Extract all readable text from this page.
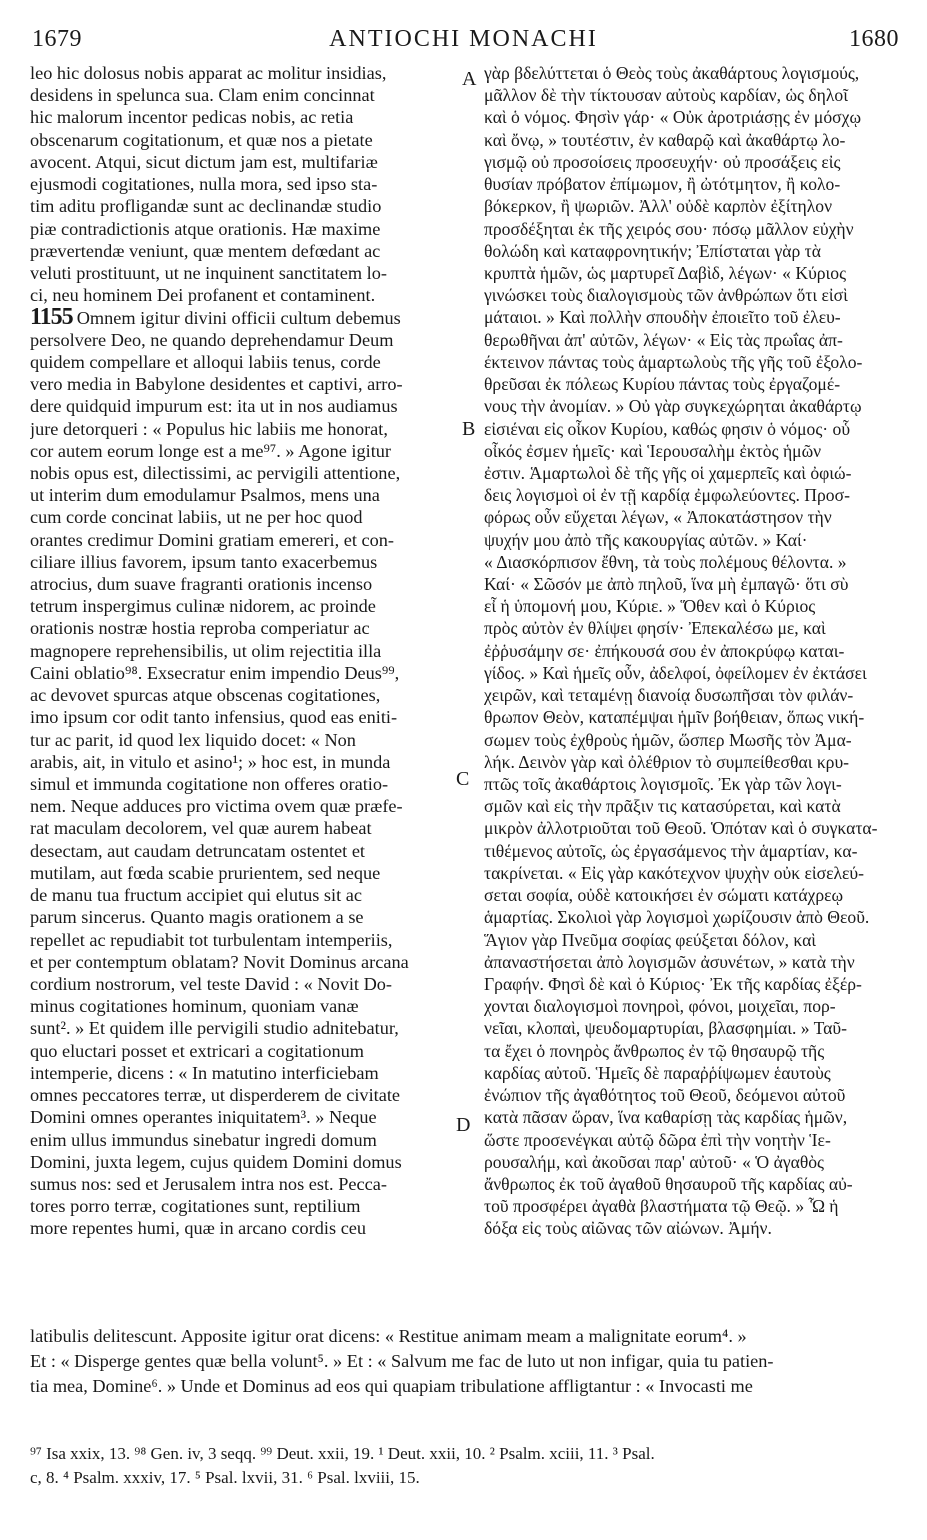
ANTIOCHI MONACHI
1679	1680
leo hic dolosus nobis apparat ac molitur insidias,
desidens in spelunca sua. Clam enim concinnat
hic malorum incentor pedicas nobis, ac retia
obscenarum cogitationum, et quæ nos a pietate
avocent. Atqui, sicut dictum jam est, multifariæ
ejusmodi cogitationes, nulla mora, sed ipso sta-
tim aditu profligandæ sunt ac declinandæ studio
piæ contradictionis atque orationis. Hæ maxime
prævertendæ veniunt, quæ mentem defœdant ac
veluti prostituunt, ut ne inquinent sanctitatem lo-
ci, neu hominem Dei profanent et contaminent.
1155 Omnem igitur divini officii cultum debemus
persolvere Deo, ne quando deprehendamur Deum
quidem compellare et alloqui labiis tenus, corde
vero media in Babylone desidentes et captivi, arro-
dere quidquid impurum est: ita ut in nos audiamus
jure detorqueri : « Populus hic labiis me honorat,
cor autem eorum longe est a me⁹⁷. » Agone igitur
nobis opus est, dilectissimi, ac pervigili attentione,
ut interim dum emodulamur Psalmos, mens una
cum corde concinat labiis, ut ne per hoc quod
orantes credimur Domini gratiam emereri, et con-
ciliare illius favorem, ipsum tanto exacerbemus
atrocius, dum suave fragranti orationis incenso
tetrum inspergimus culinæ nidorem, ac proinde
orationis nostræ hostia reproba comperiatur ac
magnopere reprehensibilis, ut olim rejectitia illa
Caini oblatio⁹⁸. Exsecratur enim impendio Deus⁹⁹,
ac devovet spurcas atque obscenas cogitationes,
imo ipsum cor odit tanto infensius, quod eas eniti-
tur ac parit, id quod lex liquido docet: « Non
arabis, ait, in vitulo et asino¹; » hoc est, in munda
simul et immunda cogitatione non offeres oratio-
nem. Neque adduces pro victima ovem quæ præfe-
rat maculam decolorem, vel quæ aurem habeat
desectam, aut caudam detruncatam ostentet et
mutilam, aut fœda scabie prurientem, sed neque
de manu tua fructum accipiet qui elutus sit ac
parum sincerus. Quanto magis orationem a se
repellet ac repudiabit tot turbulentam intemperiis,
et per contemptum oblatam? Novit Dominus arcana
cordium nostrorum, vel teste David : « Novit Do-
minus cogitationes hominum, quoniam vanæ
sunt². » Et quidem ille pervigili studio adnitebatur,
quo eluctari posset et extricari a cogitationum
intemperie, dicens : « In matutino interficiebam
omnes peccatores terræ, ut disperderem de civitate
Domini omnes operantes iniquitatem³. » Neque
enim ullus immundus sinebatur ingredi domum
Domini, juxta legem, cujus quidem Domini domus
sumus nos: sed et Jerusalem intra nos est. Pecca-
tores porro terræ, cogitationes sunt, reptilium
more repentes humi, quæ in arcano cordis ceu
γὰρ βδελύττεται ὁ Θεὸς τοὺς ἀκαθάρτους λογισμούς,
μᾶλλον δὲ τὴν τίκτουσαν αὐτοὺς καρδίαν, ὡς δηλοῖ
καὶ ὁ νόμος. Φησὶν γάρ· « Οὐκ ἀροτριάσῃς ἐν μόσχῳ
καὶ ὄνῳ, » τουτέστιν, ἐν καθαρῷ καὶ ἀκαθάρτῳ λο-
γισμῷ οὐ προσοίσεις προσευχήν· οὐ προσάξεις εἰς
θυσίαν πρόβατον ἐπίμωμον, ἢ ὠτότμητον, ἢ κολο-
βόκερκον, ἢ ψωριῶν. Ἀλλ' οὐδὲ καρπὸν ἐξίτηλον
προσδέξηται ἐκ τῆς χειρός σου· πόσῳ μᾶλλον εὐχὴν
θολώδη καὶ καταφρονητικήν; Ἐπίσταται γὰρ τὰ
κρυπτὰ ἡμῶν, ὡς μαρτυρεῖ Δαβὶδ, λέγων· « Κύριος
γινώσκει τοὺς διαλογισμοὺς τῶν ἀνθρώπων ὅτι εἰσὶ
μάταιοι. » Καὶ πολλὴν σπουδὴν ἐποιεῖτο τοῦ ἐλευ-
θερωθῆναι ἀπ' αὐτῶν, λέγων· « Εἰς τὰς πρωΐας ἀπ-
έκτεινον πάντας τοὺς ἁμαρτωλοὺς τῆς γῆς τοῦ ἐξολο-
θρεῦσαι ἐκ πόλεως Κυρίου πάντας τοὺς ἐργαζομέ-
νους τὴν ἀνομίαν. » Οὐ γὰρ συγκεχώρηται ἀκαθάρτῳ
εἰσιέναι εἰς οἶκον Κυρίου, καθώς φησιν ὁ νόμος· οὗ
οἶκός ἐσμεν ἡμεῖς· καὶ Ἱερουσαλὴμ ἐκτὸς ἡμῶν
ἐστιν. Ἁμαρτωλοὶ δὲ τῆς γῆς οἱ χαμερπεῖς καὶ ὀφιώ-
δεις λογισμοὶ οἱ ἐν τῇ καρδίᾳ ἐμφωλεύοντες. Προσ-
φόρως οὖν εὔχεται λέγων, « Ἀποκατάστησον τὴν
ψυχήν μου ἀπὸ τῆς κακουργίας αὐτῶν. » Καί·
« Διασκόρπισον ἔθνη, τὰ τοὺς πολέμους θέλοντα. »
Καί· « Σῶσόν με ἀπὸ πηλοῦ, ἵνα μὴ ἐμπαγῶ· ὅτι σὺ
εἶ ἡ ὑπομονή μου, Κύριε. » Ὅθεν καὶ ὁ Κύριος
πρὸς αὐτὸν ἐν θλίψει φησίν· Ἐπεκαλέσω με, καὶ
ἐῤῥυσάμην σε· ἐπήκουσά σου ἐν ἀποκρύφῳ καται-
γίδος. » Καὶ ἡμεῖς οὖν, ἀδελφοί, ὀφείλομεν ἐν ἐκτάσει
χειρῶν, καὶ τεταμένῃ διανοίᾳ δυσωπῆσαι τὸν φιλάν-
θρωπον Θεὸν, καταπέμψαι ἡμῖν βοήθειαν, ὅπως νική-
σωμεν τοὺς ἐχθροὺς ἡμῶν, ὥσπερ Μωσῆς τὸν Ἀμα-
λήκ. Δεινὸν γὰρ καὶ ὀλέθριον τὸ συμπείθεσθαι κρυ-
πτῶς τοῖς ἀκαθάρτοις λογισμοῖς. Ἐκ γὰρ τῶν λογι-
σμῶν καὶ εἰς τὴν πρᾶξιν τις κατασύρεται, καὶ κατὰ
μικρὸν ἀλλοτριοῦται τοῦ Θεοῦ. Ὁπόταν καὶ ὁ συγκατα-
τιθέμενος αὐτοῖς, ὡς ἐργασάμενος τὴν ἁμαρτίαν, κα-
τακρίνεται. « Εἰς γὰρ κακότεχνον ψυχὴν οὐκ εἰσελεύ-
σεται σοφία, οὐδὲ κατοικήσει ἐν σώματι κατάχρεῳ
ἁμαρτίας. Σκολιοὶ γὰρ λογισμοὶ χωρίζουσιν ἀπὸ Θεοῦ.
Ἅγιον γὰρ Πνεῦμα σοφίας φεύξεται δόλον, καὶ
ἀπαναστήσεται ἀπὸ λογισμῶν ἀσυνέτων, » κατὰ τὴν
Γραφήν. Φησὶ δὲ καὶ ὁ Κύριος· Ἐκ τῆς καρδίας ἐξέρ-
χονται διαλογισμοὶ πονηροὶ, φόνοι, μοιχεῖαι, πορ-
νεῖαι, κλοπαὶ, ψευδομαρτυρίαι, βλασφημίαι. » Ταῦ-
τα ἔχει ὁ πονηρὸς ἄνθρωπος ἐν τῷ θησαυρῷ τῆς
καρδίας αὐτοῦ. Ἡμεῖς δὲ παραῤῥίψωμεν ἑαυτοὺς
ἐνώπιον τῆς ἀγαθότητος τοῦ Θεοῦ, δεόμενοι αὐτοῦ
κατὰ πᾶσαν ὥραν, ἵνα καθαρίσῃ τὰς καρδίας ἡμῶν,
ὥστε προσενέγκαι αὐτῷ δῶρα ἐπὶ τὴν νοητὴν Ἱε-
ρουσαλήμ, καὶ ἀκοῦσαι παρ' αὐτοῦ· « Ὁ ἀγαθὸς
ἄνθρωπος ἐκ τοῦ ἀγαθοῦ θησαυροῦ τῆς καρδίας αὐ-
τοῦ προσφέρει ἀγαθὰ βλαστήματα τῷ Θεῷ. » Ὧ ἡ
δόξα εἰς τοὺς αἰῶνας τῶν αἰώνων. Ἀμήν.
A
B
C
D
latibulis delitescunt. Apposite igitur orat dicens: « Restitue animam meam a malignitate eorum⁴. »
Et : « Disperge gentes quæ bella volunt⁵. » Et : « Salvum me fac de luto ut non infigar, quia tu patien-
tia mea, Domine⁶. » Unde et Dominus ad eos qui quapiam tribulatione affligtantur : « Invocasti me
⁹⁷ Isa xxix, 13. ⁹⁸ Gen. iv, 3 seqq. ⁹⁹ Deut. xxii, 19. ¹ Deut. xxii, 10. ² Psalm. xciii, 11. ³ Psal.
c, 8. ⁴ Psalm. xxxiv, 17. ⁵ Psal. lxvii, 31. ⁶ Psal. lxviii, 15.
